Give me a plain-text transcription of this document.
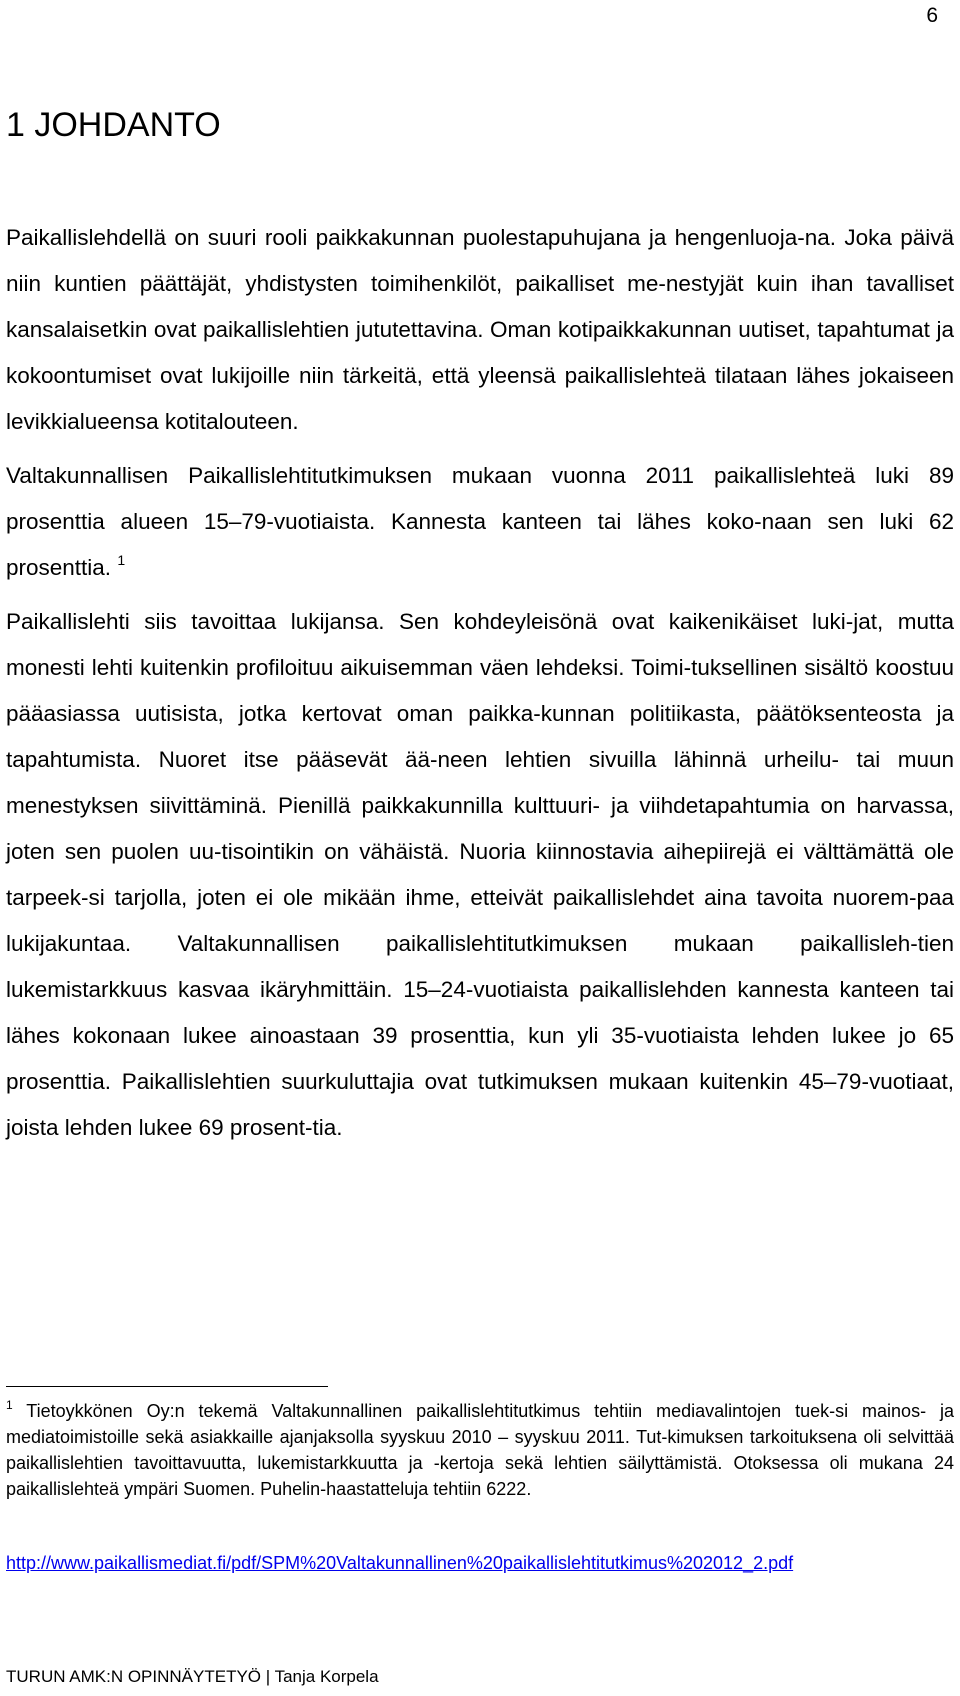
6
1 JOHDANTO

Paikallislehdellä on suuri rooli paikkakunnan puolestapuhujana ja hengenluoja-na. Joka päivä niin kuntien päättäjät, yhdistysten toimihenkilöt, paikalliset me-nestyjät kuin ihan tavalliset kansalaisetkin ovat paikallislehtien jututettavina. Oman kotipaikkakunnan uutiset, tapahtumat ja kokoontumiset ovat lukijoille niin tärkeitä, että yleensä paikallislehteä tilataan lähes jokaiseen levikkialueensa kotitalouteen.

Valtakunnallisen Paikallislehtitutkimuksen mukaan vuonna 2011 paikallislehteä luki 89 prosenttia alueen 15–79-vuotiaista. Kannesta kanteen tai lähes koko-naan sen luki 62 prosenttia. $^1$

Paikallislehti siis tavoittaa lukijansa. Sen kohdeyleisönä ovat kaikenikäiset luki-jat, mutta monesti lehti kuitenkin profiloituu aikuisemman väen lehdeksi. Toimi-tuksellinen sisältö koostuu pääasiassa uutisista, jotka kertovat oman paikka-kunnan politiikasta, päätöksenteosta ja tapahtumista. Nuoret itse pääsevät ää-neen lehtien sivuilla lähinnä urheilu- tai muun menestyksen siivittäminä. Pienillä paikkakunnilla kulttuuri- ja viihdetapahtumia on harvassa, joten sen puolen uu-tisointikin on vähäistä. Nuoria kiinnostavia aihepiirejä ei välttämättä ole tarpeek-si tarjolla, joten ei ole mikään ihme, etteivät paikallislehdet aina tavoita nuorem-paa lukijakuntaa. Valtakunnallisen paikallislehtitutkimuksen mukaan paikallisleh-tien lukemistarkkuus kasvaa ikäryhmittäin. 15–24-vuotiaista paikallislehden kannesta kanteen tai lähes kokonaan lukee ainoastaan 39 prosenttia, kun yli 35-vuotiaista lehden lukee jo 65 prosenttia. Paikallislehtien suurkuluttajia ovat tutkimuksen mukaan kuitenkin 45–79-vuotiaat, joista lehden lukee 69 prosent-tia.

$^1$ Tietoykkönen Oy:n tekemä Valtakunnallinen paikallislehtitutkimus tehtiin mediavalintojen tuek-si mainos- ja mediatoimistoille sekä asiakkaille ajanjaksolla syyskuu 2010 – syyskuu 2011. Tut-kimuksen tarkoituksena oli selvittää paikallislehtien tavoittavuutta, lukemistarkkuutta ja -kertoja sekä lehtien säilyttämistä. Otoksessa oli mukana 24 paikallislehteä ympäri Suomen. Puhelin-haastatteluja tehtiin 6222.

http://www.paikallismediat.fi/pdf/SPM%20Valtakunnallinen%20paikallislehtitutkimus%202012_2.pdf
TURUN AMK:N OPINNÄYTETYÖ | Tanja Korpela
